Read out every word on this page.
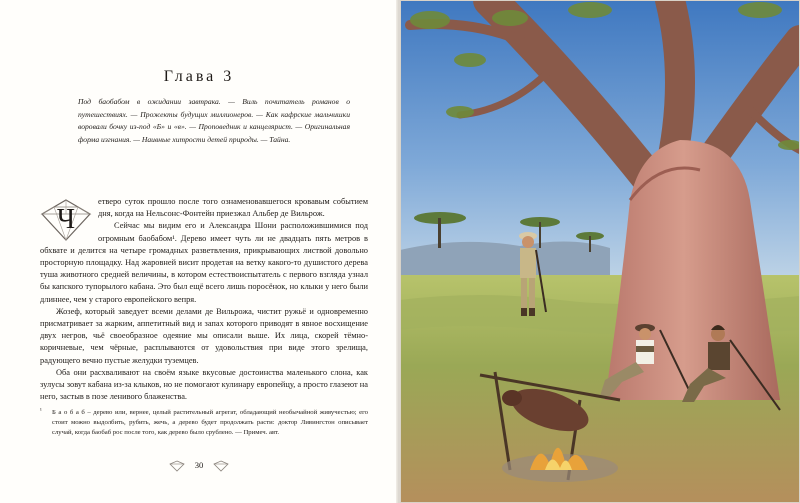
Глава 3
Под баобабом в ожидании завтрака. — Виль почитатель романов о путешествиях. — Прожекты будущих миллионеров. — Как кафрские мальчишки воровали бочку из-под «Б» и «в». — Проповедник и канцелярист. — Оригинальная форма изгнания. — Наивные хитрости детей природы. — Тайна.

Ч
етверо суток прошло после того ознаменовавшегося кровавым событием дня, когда на Нельсонс-Фонтейн приезжал Альбер де Вильрож.

Сейчас мы видим его и Александра Шони расположившимися под огромным баобабом¹. Дерево имеет чуть ли не двадцать пять метров в обхвате и делится на четыре громадных разветвления, прикрывающих листвой довольно просторную площадку. Над жаровней висит продетая на ветку какого-то душистого дерева туша животного средней величины, в котором естествоиспытатель с первого взгляда узнал бы капского тупорылого кабана. Это был ещё всего лишь поросёнок, но клыки у него были длиннее, чем у старого европейского вепря.

Жозеф, который заведует всеми делами де Вильрожа, чистит ружьё и одновременно присматривает за жарким, аппетитный вид и запах которого приводят в явное восхищение двух негров, чьё своеобразное одеяние мы описали выше. Их лица, скорей тёмно-коричневые, чем чёрные, расплываются от удовольствия при виде этого зрелища, радующего вечно пустые желудки туземцев.

Оба они расхваливают на своём языке вкусовые достоинства маленького слона, как зулусы зовут кабана из-за клыков, но не помогают кулинару европейцу, а просто глазеют на него, застыв в позе ленивого блаженства.

¹ Б а о б а б – дерево или, вернее, целый растительный агрегат, обладающий необычайной живучестью; его стоит можно выдолбить, рубить, жечь, а дерево будет продолжать расти: доктор Ливингстон описывает случай, когда баобаб рос после того, как дерево было срублено. — Примеч. авт.
30
